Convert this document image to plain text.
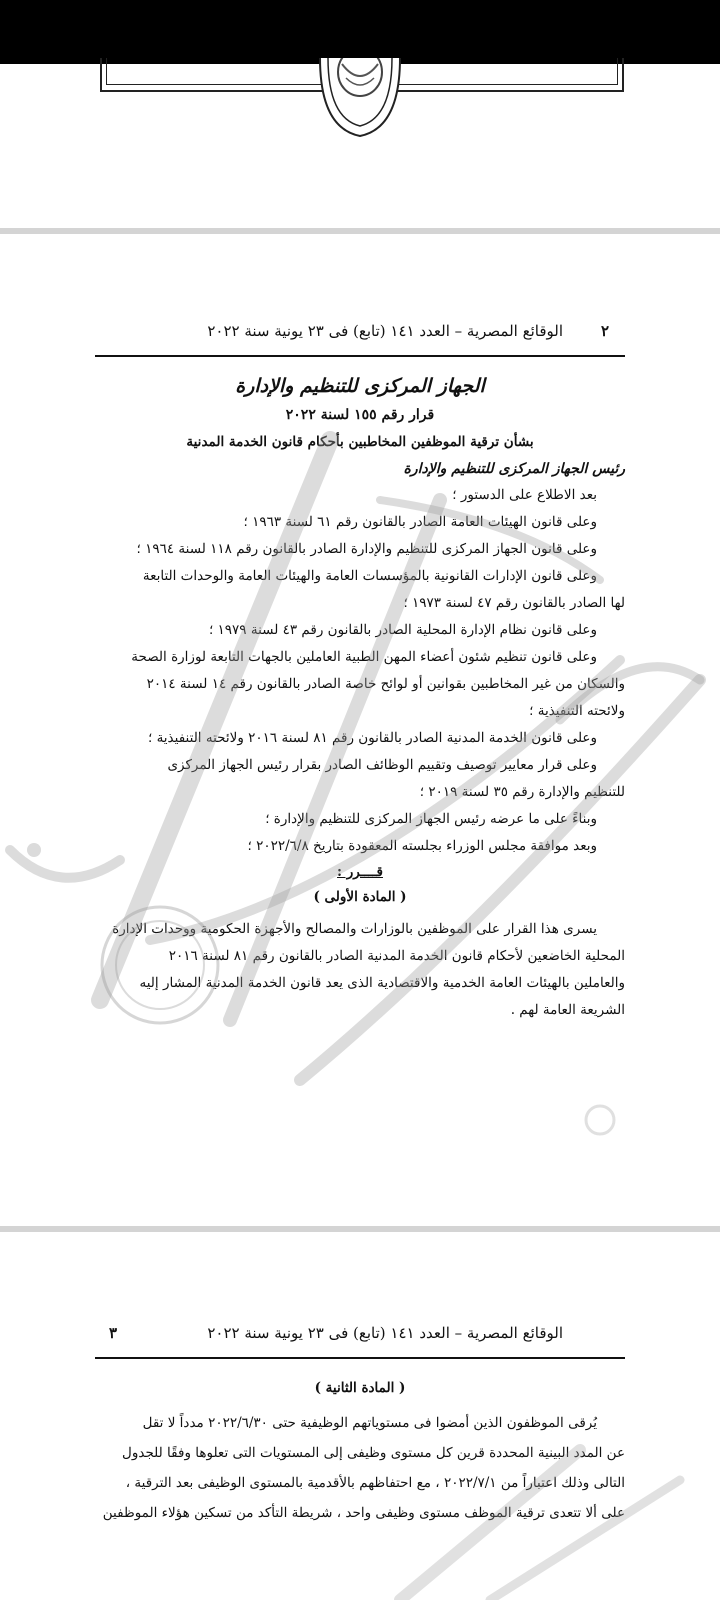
٢
الوقائع المصرية – العدد ١٤١ (تابع) فى ٢٣ يونية سنة ٢٠٢٢

الجهاز المركزى للتنظيم والإدارة

قرار رقم ١٥٥ لسنة ٢٠٢٢

بشأن ترقية الموظفين المخاطبين بأحكام قانون الخدمة المدنية

رئيس الجهاز المركزى للتنظيم والإدارة

بعد الاطلاع على الدستور ؛

وعلى قانون الهيئات العامة الصادر بالقانون رقم ٦١ لسنة ١٩٦٣ ؛

وعلى قانون الجهاز المركزى للتنظيم والإدارة الصادر بالقانون رقم ١١٨ لسنة ١٩٦٤ ؛

وعلى قانون الإدارات القانونية بالمؤسسات العامة والهيئات العامة والوحدات التابعة

لها الصادر بالقانون رقم ٤٧ لسنة ١٩٧٣ ؛

وعلى قانون نظام الإدارة المحلية الصادر بالقانون رقم ٤٣ لسنة ١٩٧٩ ؛

وعلى قانون تنظيم شئون أعضاء المهن الطبية العاملين بالجهات التابعة لوزارة الصحة

والسكان من غير المخاطبين بقوانين أو لوائح خاصة الصادر بالقانون رقم ١٤ لسنة ٢٠١٤

ولائحته التنفيذية ؛

وعلى قانون الخدمة المدنية الصادر بالقانون رقم ٨١ لسنة ٢٠١٦ ولائحته التنفيذية ؛

وعلى قرار معايير توصيف وتقييم الوظائف الصادر بقرار رئيس الجهاز المركزى

للتنظيم والإدارة رقم ٣٥ لسنة ٢٠١٩ ؛

وبناءً على ما عرضه رئيس الجهاز المركزى للتنظيم والإدارة ؛

وبعد موافقة مجلس الوزراء بجلسته المعقودة بتاريخ ٢٠٢٢/٦/٨ ؛

قــــرر :

( المادة الأولى )

يسرى هذا القرار على الموظفين بالوزارات والمصالح والأجهزة الحكومية ووحدات الإدارة

المحلية الخاضعين لأحكام قانون الخدمة المدنية الصادر بالقانون رقم ٨١ لسنة ٢٠١٦

والعاملين بالهيئات العامة الخدمية والاقتصادية الذى يعد قانون الخدمة المدنية المشار إليه

الشريعة العامة لهم .

الوقائع المصرية – العدد ١٤١ (تابع) فى ٢٣ يونية سنة ٢٠٢٢
٣

( المادة الثانية )

يُرقى الموظفون الذين أمضوا فى مستوياتهم الوظيفية حتى ٢٠٢٢/٦/٣٠ مدداً لا تقل

عن المدد البينية المحددة قرين كل مستوى وظيفى إلى المستويات التى تعلوها وفقًا للجدول

التالى وذلك اعتباراً من ٢٠٢٢/٧/١ ، مع احتفاظهم بالأقدمية بالمستوى الوظيفى بعد الترقية ،

على ألا تتعدى ترقية الموظف مستوى وظيفى واحد ، شريطة التأكد من تسكين هؤلاء الموظفين
